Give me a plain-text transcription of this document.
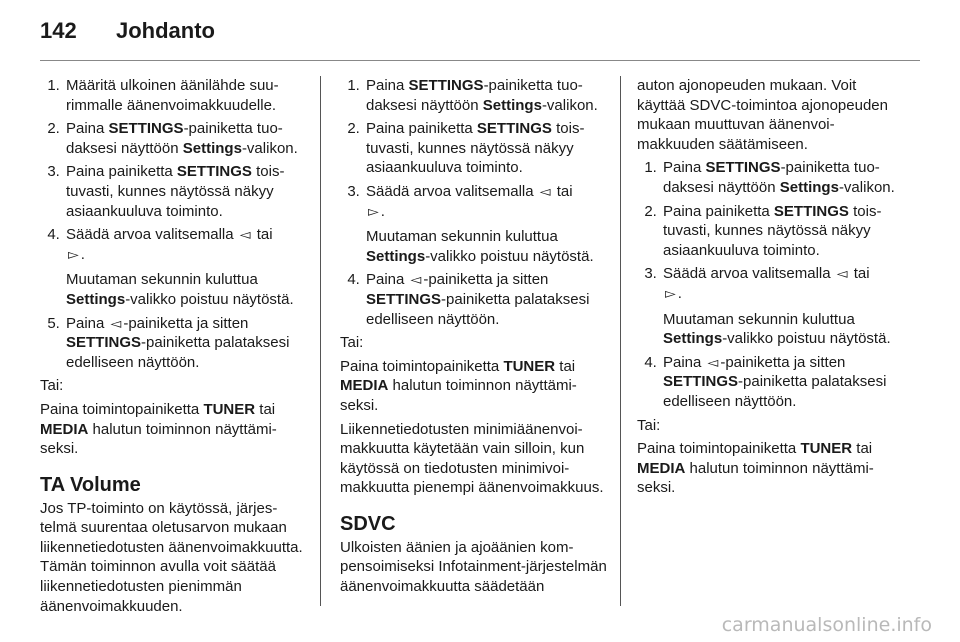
142 Johdanto
1. Määritä ulkoinen äänilähde suurimmalle äänenvoimakkuudelle.
2. Paina SETTINGS-painiketta tuodaksesi näyttöön Settings-valikon.
3. Paina painiketta SETTINGS toistuvasti, kunnes näytössä näkyy asiaankuuluva toiminto.
4. Säädä arvoa valitsemalla ◅ tai
▻ .

Muutaman sekunnin kuluttua
Settings-valikko poistuu näytöstä.

5. Paina ◅ -painiketta ja sitten SETTINGS-painiketta palataksesi edelliseen näyttöön.

Tai:

Paina toimintopainiketta TUNER tai MEDIA halutun toiminnon näyttämiseksi.

TA Volume

Jos TP-toiminto on käytössä, järjestelmä suurentaa oletusarvon mukaan liikennetiedotusten äänenvoimakkuutta. Tämän toiminnon avulla voit säätää liikennetiedotusten pienimmän äänenvoimakkuuden.

1. Paina SETTINGS-painiketta tuodaksesi näyttöön Settings-valikon.
2. Paina painiketta SETTINGS toistuvasti, kunnes näytössä näkyy asiaankuuluva toiminto.
3. Säädä arvoa valitsemalla ◅ tai
▻ .

Muutaman sekunnin kuluttua
Settings-valikko poistuu näytöstä.

4. Paina ◅ -painiketta ja sitten SETTINGS-painiketta palataksesi edelliseen näyttöön.

Tai:

Paina toimintopainiketta TUNER tai MEDIA halutun toiminnon näyttämiseksi.

Liikennetiedotusten minimiäänenvoimakkuutta käytetään vain silloin, kun käytössä on tiedotusten minimivoimakkuutta pienempi äänenvoimakkuus.

SDVC

Ulkoisten äänien ja ajoäänien kompensoimiseksi Infotainment-järjestelmän äänenvoimakkuutta säädetään

auton ajonopeuden mukaan. Voit käyttää SDVC-toimintoa ajonopeuden mukaan muuttuvan äänenvoimakkuuden säätämiseen.

1. Paina SETTINGS-painiketta tuodaksesi näyttöön Settings-valikon.
2. Paina painiketta SETTINGS toistuvasti, kunnes näytössä näkyy asiaankuuluva toiminto.
3. Säädä arvoa valitsemalla ◅ tai
▻ .

Muutaman sekunnin kuluttua
Settings-valikko poistuu näytöstä.

4. Paina ◅ -painiketta ja sitten SETTINGS-painiketta palataksesi edelliseen näyttöön.

Tai:

Paina toimintopainiketta TUNER tai MEDIA halutun toiminnon näyttämiseksi.

carmanualsonline.info
